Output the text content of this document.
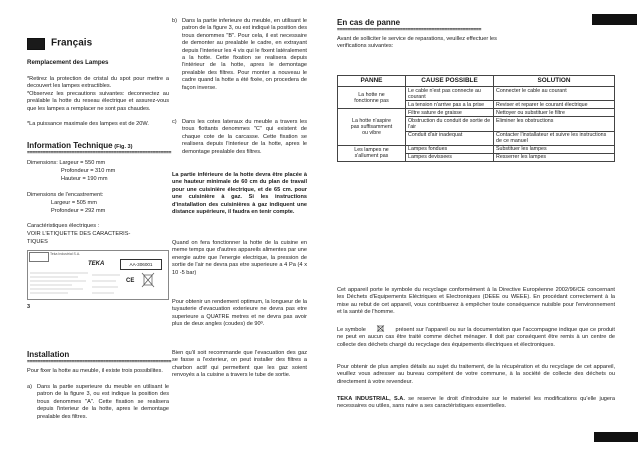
Français

Remplacement des Lampes

*Retirez la protection de cristal du spot pour mettre a decouvert les lampes extractibles.

*Observez les precautions suivantes: deconnectez au preálable la hotte du reseau électrique et assurez-vous que les lampes a remplacer ne sont pas chaudes.

*La puissance maximale des lampes est de 20W.

Information Technique (Fig. 3)
=======================================================

Dimensions: Largeur = 550 mm

Profondeur = 310 mm

Hauteur = 190 mm

Dimensions de l'encastrement:

Largeur = 505 mm

Profondeur = 292 mm

Caractéristiques électriques :

VOIR L'ETIQUETTE DES CARACTERIS-

TIQUES

Teka Industrial S.A.
TEKA	AA-306001
CE
3

Installation

=======================================================

Pour fixer la hotte au meuble, il existe trois possibilites.

a) Dans la partie superieure du meuble en utilisant le patron de la figure 3, ou est indique la position des trous denommes "A". Cette fixation se realisera depuis l'interieur de la hotte, apres le demontage prealable des filtres.
b) Dans la partie inferieure du meuble, en utilisant le patron de la figure 3, ou est indiqué la position des trous denommes "B". Pour cela, il est necessaire de demonter au prealable le cadre, en extrayant depuis l'interieur les 4 vis qui le fixent latéralement a la hotte. Cette fixation se realisera depuis l'intérieur de la hotte, apres le demontage prealable des filtres. Pour monter a nouveau le cadre quand la hotte a été fixée, on procedera de façon inverse.
c) Dans les cotes lateraux du meuble a travers les trous flottants denommes "C" qui existent de chaque cote de la carcasse. Cette fixation se realisera depuis l'interieur de la hotte, apres le demontage prealable des filtres.

La partie inférieure de la hotte devra être placée à une hauteur minimale de 60 cm du plan de travail pour une cuisinière électrique, et de 65 cm. pour une cuisinière à gaz. Si les instructions d'installation des cuisinières à gaz indiquent une distance supérieure, il faudra en tenir compte.

Quand on fera fonctionner la hotte de la cuisine en meme temps que d'autres appareils alimentes par une energie autre que l'energie electrique, la pression de sortie de l'air ne devra pas etre superieure a 4 Pa (4 x 10 -5 bar)

Pour obtenir un rendement optimum, la longueur de la tuyauterie d'evacuation exterieure ne devra pas etre superieure a QUATRE metres et ne devra pas avoir plus de deux angles (coudes) de 90º.

Bien qu'il soit recommande que l'evacuation des gaz se fasse a l'exterieur, on peut installer des filtres a charbon actif qui permettent que les gaz soient renvoyés a la cuisine a travers le tube de sortie.

En cas de panne

=======================================================

Avant de solliciter le service de reparations, veuillez effectuer les verifications suivantes:

PANNE	CAUSE POSSIBLE	SOLUTION

La hotte ne
fonctionne pas	Le cable n'est pas connecte au courant	Connecter le cable au courant
	La tension n'arrive pas a la prise	Reviser et reparer le courant électrique

La hotte n'aspire
pas suffisamment
ou vibre	Filtre sature de graisse	Nettoyer ou substituer le filtre
	Obstruction du conduit de sortie de l'air	Eliminer les obstructions
	Conduit d'air inadequat	Contacter l'installateur et suivre les instructions de ce manuel

Les lampes ne
s'allument pas	Lampes fondues	Substituer les lampes
	Lampes devissees	Resserrer les lampes

Cet appareil porte le symbole du recyclage conformément à la Directive Européenne 2002/96/CE concernant les Déchets d'Equipements Eléctriques et Electroniques (DEEE ou WEEE). En procédant correctement à la mise au rebut de cet appareil, vous contribuerez à empêcher toute conséquence nuisible pour l'environnement et la santé de l'homme.

Le symbole	présent sur l'appareil ou sur la documentation que l'accompagne indique que ce produit ne peut en aucun cas être traité comme déchet ménager. Il doit par conséquent être remis à un centre de collecte des déchets chargé du recyclage des équipements électriques et électroniques.

Pour obtenir de plus amples détails au sujet du traitement, de la récupération et du recyclage de cet appareil, veuillez vous adresser au bureau compétent de votre commune, à la société de collecte des déchets ou directement à votre revendeur.

TEKA INDUSTRIAL, S.A. se reserve le droit d'introduire sur le materiel les modifications qu'elle jugera necessaires ou utiles, sans nuire a ses caractéristiques essentielles.
